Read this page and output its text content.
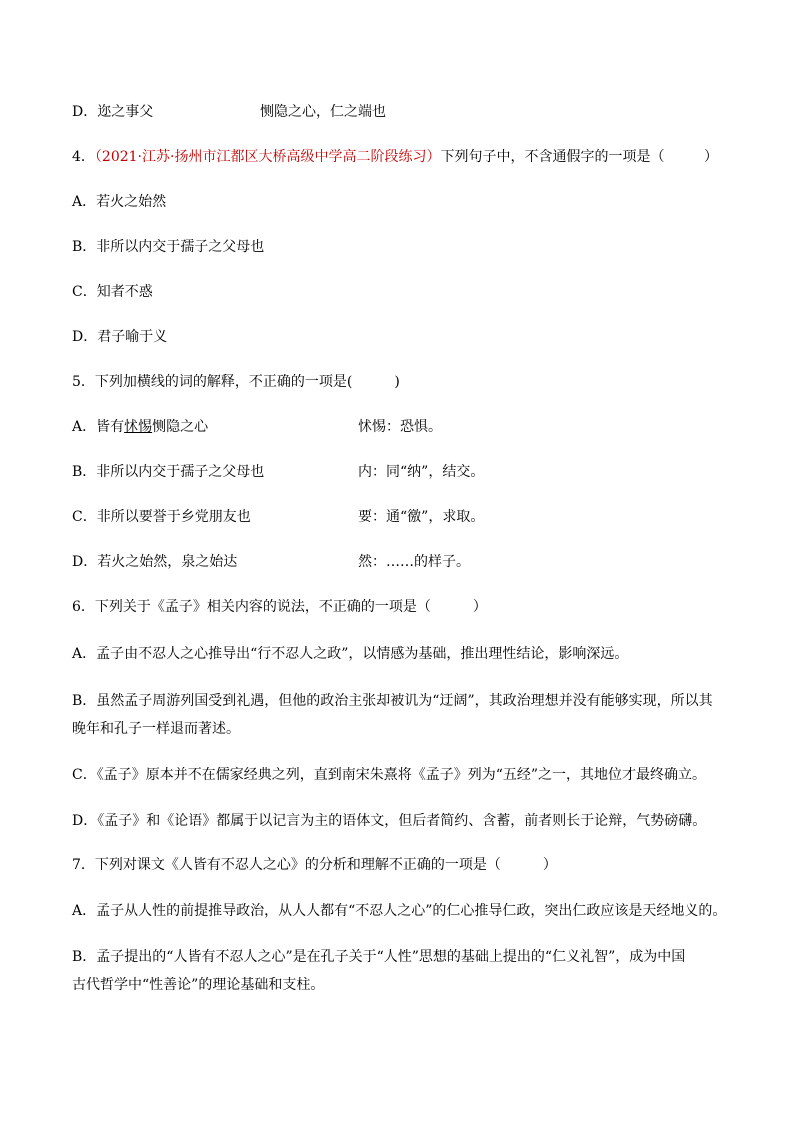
D．迩之事父	恻隐之心，仁之端也
4．（2021·江苏·扬州市江都区大桥高级中学高二阶段练习）下列句子中，不含通假字的一项是（	）
A．若火之始然
B．非所以内交于孺子之父母也
C．知者不惑
D．君子喻于义
5．下列加横线的词的解释，不正确的一项是(　　　)
A．皆有怵惕恻隐之心	怵惕：恐惧。
B．非所以内交于孺子之父母也	内：同“纳”，结交。
C．非所以要誉于乡党朋友也	要：通“徼”，求取。
D．若火之始然，泉之始达	然：……的样子。
6．下列关于《孟子》相关内容的说法，不正确的一项是（　　　）
A．孟子由不忍人之心推导出“行不忍人之政”，以情感为基础，推出理性结论，影响深远。
B．虽然孟子周游列国受到礼遇，但他的政治主张却被讥为“迂阔”，其政治理想并没有能够实现，所以其
晚年和孔子一样退而著述。
C．《孟子》原本并不在儒家经典之列，直到南宋朱熹将《孟子》列为“五经”之一，其地位才最终确立。
D．《孟子》和《论语》都属于以记言为主的语体文，但后者简约、含蓄，前者则长于论辩，气势磅礴。
7．下列对课文《人皆有不忍人之心》的分析和理解不正确的一项是（　　　）
A．孟子从人性的前提推导政治，从人人都有“不忍人之心”的仁心推导仁政，突出仁政应该是天经地义的。
B．孟子提出的“人皆有不忍人之心”是在孔子关于“人性”思想的基础上提出的“仁义礼智”，成为中国
古代哲学中“性善论”的理论基础和支柱。
